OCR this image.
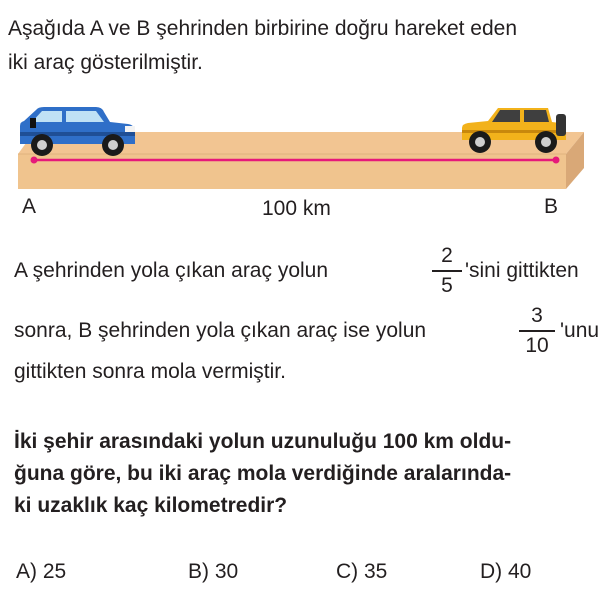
Aşağıda A ve B şehrinden birbirine doğru hareket eden
iki araç gösterilmiştir.
A	100 km	B
A şehrinden yola çıkan araç yolun
2
5
'sini gittikten
sonra, B şehrinden yola çıkan araç ise yolun
3
10
'unu
gittikten sonra mola vermiştir.
İki şehir arasındaki yolun uzunuluğu 100 km oldu-
ğuna göre, bu iki araç mola verdiğinde aralarında-
ki uzaklık kaç kilometredir?
A) 25	B) 30	C) 35	D) 40
